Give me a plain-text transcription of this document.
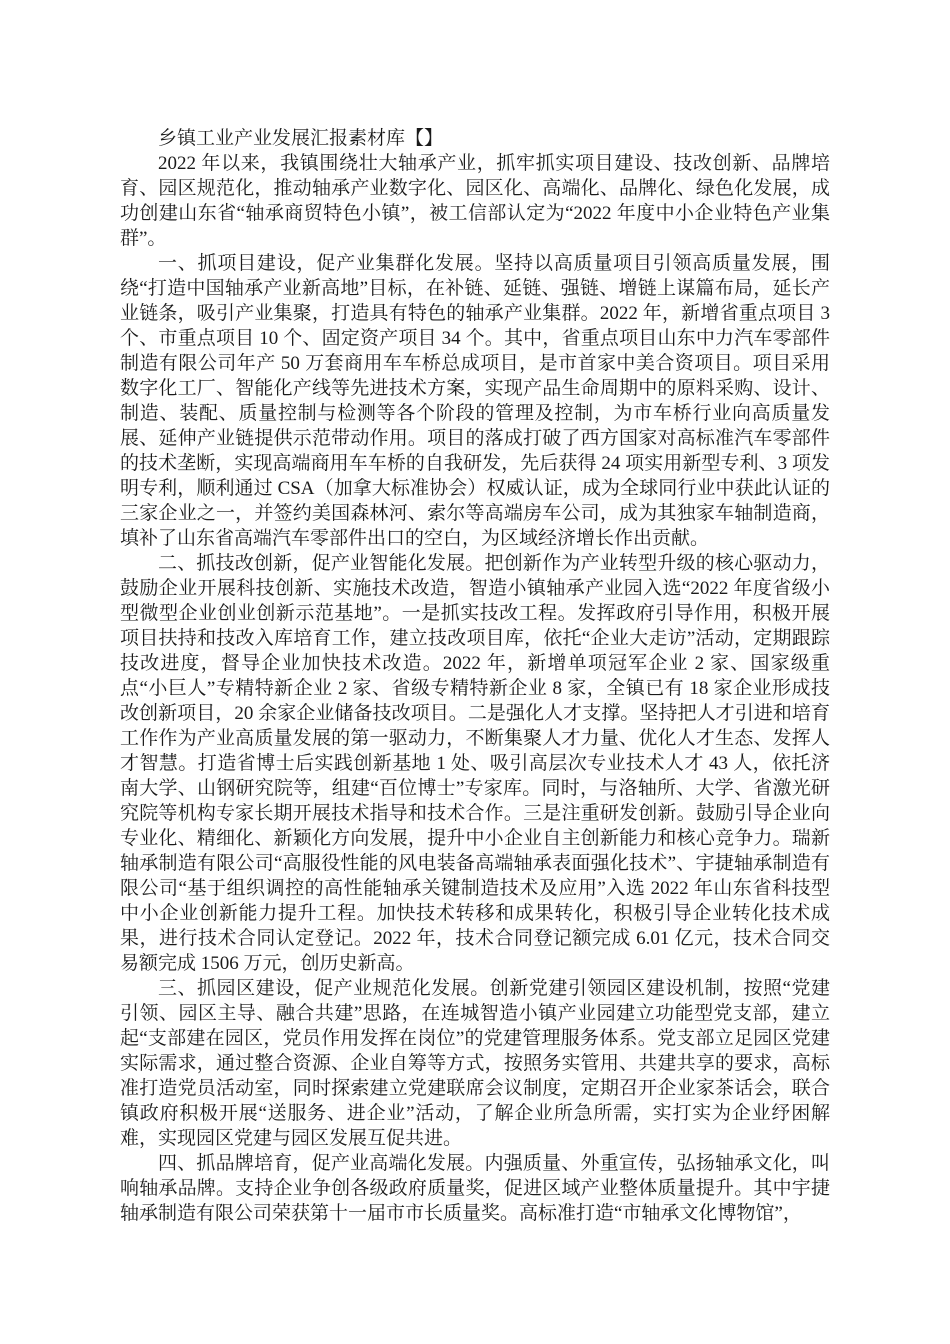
乡镇工业产业发展汇报素材库【】

2022 年以来，我镇围绕壮大轴承产业，抓牢抓实项目建设、技改创新、品牌培育、园区规范化，推动轴承产业数字化、园区化、高端化、品牌化、绿色化发展，成功创建山东省“轴承商贸特色小镇”，被工信部认定为“2022 年度中小企业特色产业集群”。

一、抓项目建设，促产业集群化发展。坚持以高质量项目引领高质量发展，围绕“打造中国轴承产业新高地”目标，在补链、延链、强链、增链上谋篇布局，延长产业链条，吸引产业集聚，打造具有特色的轴承产业集群。2022 年，新增省重点项目 3 个、市重点项目 10 个、固定资产项目 34 个。其中，省重点项目山东中力汽车零部件制造有限公司年产 50 万套商用车车桥总成项目，是市首家中美合资项目。项目采用数字化工厂、智能化产线等先进技术方案，实现产品生命周期中的原料采购、设计、制造、装配、质量控制与检测等各个阶段的管理及控制，为市车桥行业向高质量发展、延伸产业链提供示范带动作用。项目的落成打破了西方国家对高标准汽车零部件的技术垄断，实现高端商用车车桥的自我研发，先后获得 24 项实用新型专利、3 项发明专利，顺利通过 CSA（加拿大标准协会）权威认证，成为全球同行业中获此认证的三家企业之一，并签约美国森林河、索尔等高端房车公司，成为其独家车轴制造商，填补了山东省高端汽车零部件出口的空白，为区域经济增长作出贡献。

二、抓技改创新，促产业智能化发展。把创新作为产业转型升级的核心驱动力，鼓励企业开展科技创新、实施技术改造，智造小镇轴承产业园入选“2022 年度省级小型微型企业创业创新示范基地”。一是抓实技改工程。发挥政府引导作用，积极开展项目扶持和技改入库培育工作，建立技改项目库，依托“企业大走访”活动，定期跟踪技改进度，督导企业加快技术改造。2022 年，新增单项冠军企业 2 家、国家级重点“小巨人”专精特新企业 2 家、省级专精特新企业 8 家，全镇已有 18 家企业形成技改创新项目，20 余家企业储备技改项目。二是强化人才支撑。坚持把人才引进和培育工作作为产业高质量发展的第一驱动力，不断集聚人才力量、优化人才生态、发挥人才智慧。打造省博士后实践创新基地 1 处、吸引高层次专业技术人才 43 人，依托济南大学、山钢研究院等，组建“百位博士”专家库。同时，与洛轴所、大学、省激光研究院等机构专家长期开展技术指导和技术合作。三是注重研发创新。鼓励引导企业向专业化、精细化、新颖化方向发展，提升中小企业自主创新能力和核心竞争力。瑞新轴承制造有限公司“高服役性能的风电装备高端轴承表面强化技术”、宇捷轴承制造有限公司“基于组织调控的高性能轴承关键制造技术及应用”入选 2022 年山东省科技型中小企业创新能力提升工程。加快技术转移和成果转化，积极引导企业转化技术成果，进行技术合同认定登记。2022 年，技术合同登记额完成 6.01 亿元，技术合同交易额完成 1506 万元，创历史新高。

三、抓园区建设，促产业规范化发展。创新党建引领园区建设机制，按照“党建引领、园区主导、融合共建”思路，在连城智造小镇产业园建立功能型党支部，建立起“支部建在园区，党员作用发挥在岗位”的党建管理服务体系。党支部立足园区党建实际需求，通过整合资源、企业自筹等方式，按照务实管用、共建共享的要求，高标准打造党员活动室，同时探索建立党建联席会议制度，定期召开企业家茶话会，联合镇政府积极开展“送服务、进企业”活动，了解企业所急所需，实打实为企业纾困解难，实现园区党建与园区发展互促共进。

四、抓品牌培育，促产业高端化发展。内强质量、外重宣传，弘扬轴承文化，叫响轴承品牌。支持企业争创各级政府质量奖，促进区域产业整体质量提升。其中宇捷轴承制造有限公司荣获第十一届市市长质量奖。高标准打造“市轴承文化博物馆”，
